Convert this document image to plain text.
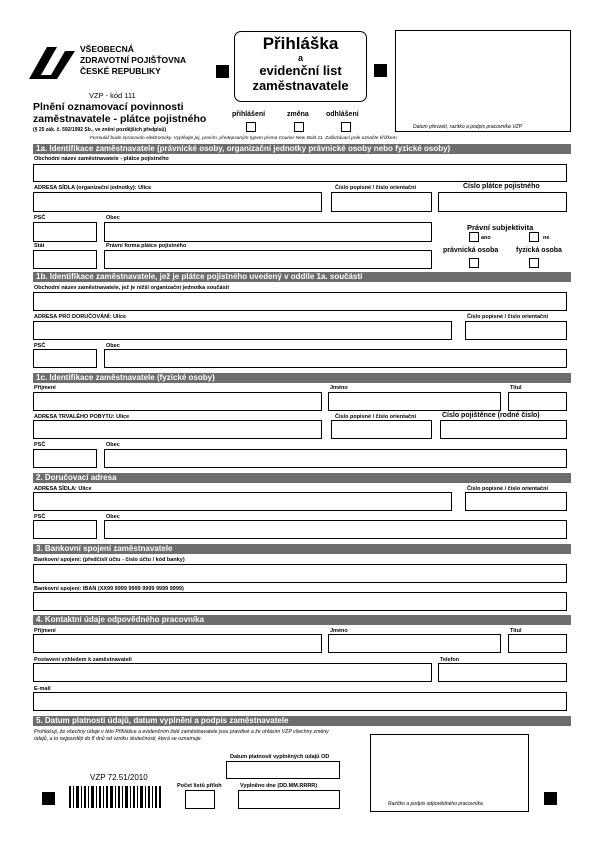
VŠEOBECNÁ
ZDRAVOTNÍ POJIŠŤOVNA
ČESKÉ REPUBLIKY
Přihláška
a
evidenční list
zaměstnavatele
Datum převzetí, razítko a podpis pracovníka VZP
VZP - kód 111
Plnění oznamovací povinnosti
zaměstnavatele - plátce pojistného
(§ 25 zák. č. 592/1992 Sb., ve znění pozdějších předpisů)
přihlášení	změna odhlášení
Formulář bude zpracován elektronicky. Vyplňujte jej, prosím, předepsaným typem písma Courier New Bold 11. Zaškrtávací pole označte křížkem.
1a. Identifikace zaměstnavatele (právnické osoby, organizační jednotky právnické osoby nebo fyzické osoby)
Obchodní název zaměstnavatele - plátce pojistného
ADRESA SÍDLA (organizační jednotky): Ulice	Číslo popisné / číslo orientační	Číslo plátce pojistného
PSČ	Obec
Právní subjektivita
ano	ne
Stát	Právní forma plátce pojistného
právnická osoba	fyzická osoba
1b. Identifikace zaměstnavatele, jež je plátce pojistného uvedený v oddíle 1a. součástí
Obchodní název zaměstnavatele, jež je nižší organizační jednotka součástí
ADRESA PRO DORUČOVÁNÍ: Ulice	Číslo popisné / číslo orientační
PSČ	Obec
1c. Identifikace zaměstnavatele (fyzické osoby)
Příjmení	Jméno	Titul
ADRESA TRVALÉHO POBYTU: Ulice	Číslo popisné / číslo orientační	Číslo pojištěnce (rodné číslo)
PSČ	Obec
2. Doručovací adresa
ADRESA SÍDLA: Ulice	Číslo popisné / číslo orientační
PSČ	Obec
3. Bankovní spojení zaměstnavatele
Bankovní spojení: (předčíslí účtu - číslo účtu / kód banky)
Bankovní spojení: IBAN (XX99 9999 9999 9999 9999 9999)
4. Kontaktní údaje odpovědného pracovníka
Příjmení	Jméno	Titul
Postavení vzhledem k zaměstnavateli	Telefon
E-mail
5. Datum platnosti údajů, datum vyplnění a podpis zaměstnavatele
Prohlašuji, že všechny údaje v této Přihlášce a evidenčním listě zaměstnavatele jsou pravdivé a že ohlásím VZP všechny změny údajů, a to nejpozději do 8 dnů od vzniku skutečnosti, která se oznamuje.
Datum platnosti vyplněných údajů OD
VZP 72.51/2010
Počet listů příloh	Vyplněno dne (DD.MM.RRRR)
Razítko a podpis odpovědného pracovníka
